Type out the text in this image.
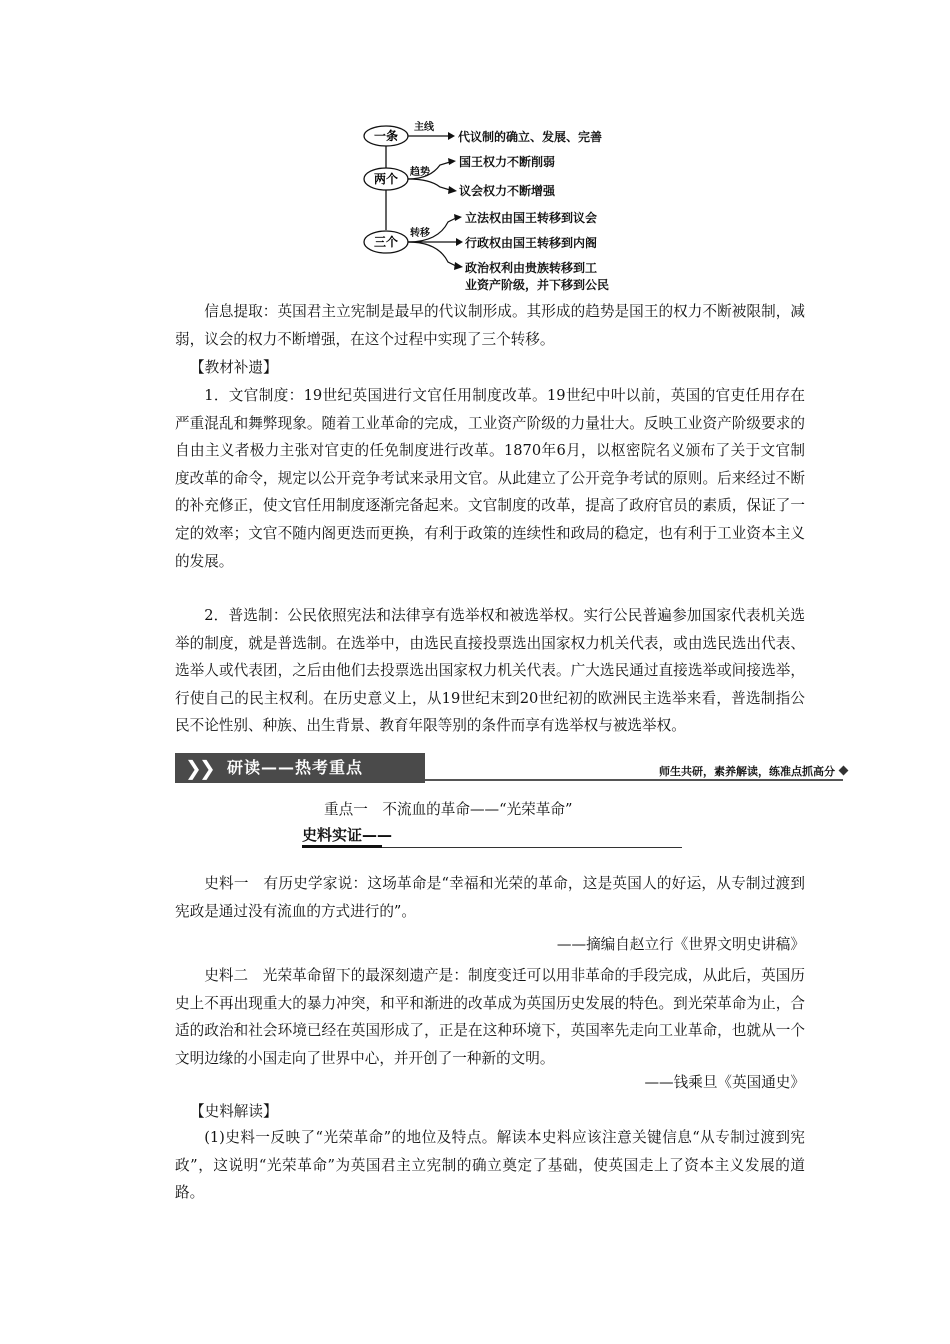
一条
两个
三个
主线
趋势
转移
代议制的确立、发展、完善
国王权力不断削弱
议会权力不断增强
立法权由国王转移到议会
行政权由国王转移到内阁
政治权利由贵族转移到工
业资产阶级，并下移到公民
信息提取：英国君主立宪制是最早的代议制形成。其形成的趋势是国王的权力不断被限制，减弱，议会的权力不断增强，在这个过程中实现了三个转移。
【教材补遗】
1．文官制度：19世纪英国进行文官任用制度改革。19世纪中叶以前，英国的官吏任用存在严重混乱和舞弊现象。随着工业革命的完成，工业资产阶级的力量壮大。反映工业资产阶级要求的自由主义者极力主张对官吏的任免制度进行改革。1870年6月，以枢密院名义颁布了关于文官制度改革的命令，规定以公开竞争考试来录用文官。从此建立了公开竞争考试的原则。后来经过不断的补充修正，使文官任用制度逐渐完备起来。文官制度的改革，提高了政府官员的素质，保证了一定的效率；文官不随内阁更迭而更换，有利于政策的连续性和政局的稳定，也有利于工业资本主义的发展。
2．普选制：公民依照宪法和法律享有选举权和被选举权。实行公民普遍参加国家代表机关选举的制度，就是普选制。在选举中，由选民直接投票选出国家权力机关代表，或由选民选出代表、选举人或代表团，之后由他们去投票选出国家权力机关代表。广大选民通过直接选举或间接选举，行使自己的民主权利。在历史意义上，从19世纪末到20世纪初的欧洲民主选举来看，普选制指公民不论性别、种族、出生背景、教育年限等别的条件而享有选举权与被选举权。
❯
❯ 研读——热考重点	师生共研，素养解读，练准点抓高分
重点一　不流血的革命——“光荣革命”
史料实证——
史料一　有历史学家说：这场革命是“幸福和光荣的革命，这是英国人的好运，从专制过渡到宪政是通过没有流血的方式进行的”。
——摘编自赵立行《世界文明史讲稿》
史料二　光荣革命留下的最深刻遗产是：制度变迁可以用非革命的手段完成，从此后，英国历史上不再出现重大的暴力冲突，和平和渐进的改革成为英国历史发展的特色。到光荣革命为止，合适的政治和社会环境已经在英国形成了，正是在这种环境下，英国率先走向工业革命，也就从一个文明边缘的小国走向了世界中心，并开创了一种新的文明。
——钱乘旦《英国通史》
【史料解读】
(1)史料一反映了“光荣革命”的地位及特点。解读本史料应该注意关键信息“从专制过渡到宪政”，这说明“光荣革命”为英国君主立宪制的确立奠定了基础，使英国走上了资本主义发展的道路。
